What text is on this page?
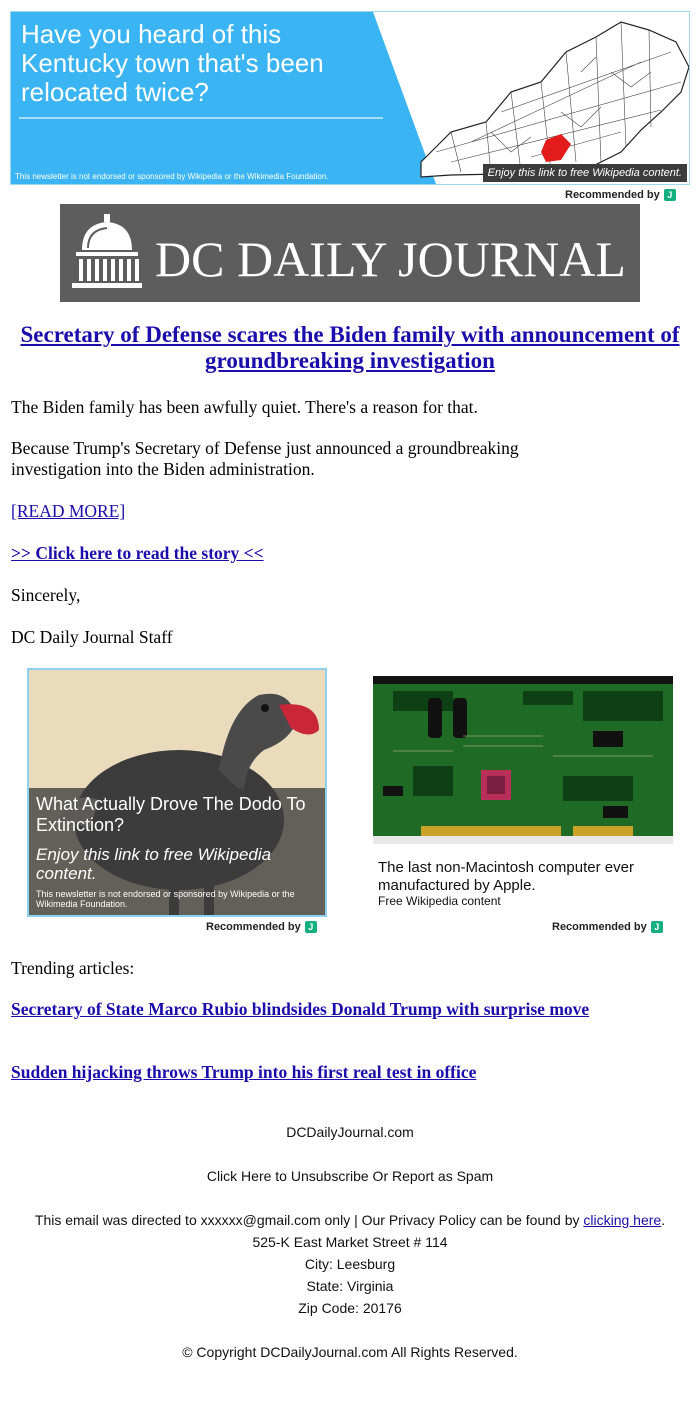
Have you heard of this Kentucky town that's been relocated twice?
This newsletter is not endorsed or sponsored by Wikipedia or the Wikimedia Foundation.	Enjoy this link to free Wikipedia content.
Recommended by J
DC DAILY JOURNAL
Secretary of Defense scares the Biden family with announcement of groundbreaking investigation
The Biden family has been awfully quiet. There's a reason for that.
Because Trump's Secretary of Defense just announced a groundbreaking investigation into the Biden administration.
[READ MORE]
>> Click here to read the story <<
Sincerely,
DC Daily Journal Staff
What Actually Drove The Dodo To Extinction?
Enjoy this link to free Wikipedia content.
This newsletter is not endorsed or sponsored by Wikipedia or the Wikimedia Foundation.
Recommended by J
The last non-Macintosh computer ever manufactured by Apple.
Free Wikipedia content
Recommended by J
Trending articles:
Secretary of State Marco Rubio blindsides Donald Trump with surprise move
Sudden hijacking throws Trump into his first real test in office
DCDailyJournal.com
Click Here to Unsubscribe Or Report as Spam
This email was directed to xxxxxx@gmail.com only | Our Privacy Policy can be found by clicking here.
525-K East Market Street # 114
City: Leesburg
State: Virginia
Zip Code: 20176
© Copyright DCDailyJournal.com All Rights Reserved.
